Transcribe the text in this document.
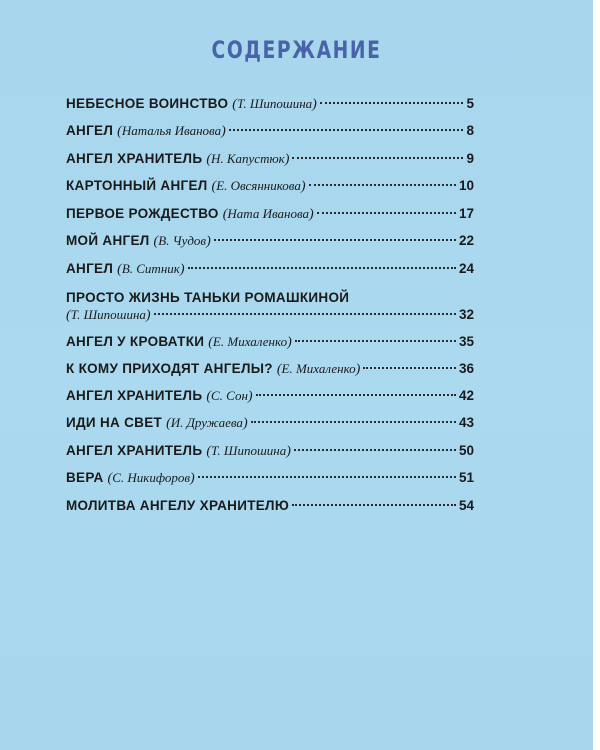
СОДЕРЖАНИЕ
НЕБЕСНОЕ ВОИНСТВО ( Т. Шипошина )	5
АНГЕЛ ( Наталья Иванова )	8
АНГЕЛ ХРАНИТЕЛЬ ( Н. Капустюк )	9
КАРТОННЫЙ АНГЕЛ ( Е. Овсянникова )	10
ПЕРВОЕ РОЖДЕСТВО ( Ната Иванова )	17
МОЙ АНГЕЛ ( В. Чудов )	22
АНГЕЛ ( В. Ситник )	24
ПРОСТО ЖИЗНЬ ТАНЬКИ РОМАШКИНОЙ
( Т. Шипошина )	32
АНГЕЛ У КРОВАТКИ ( Е. Михаленко )	35
К КОМУ ПРИХОДЯТ АНГЕЛЫ? ( Е. Михаленко )	36
АНГЕЛ ХРАНИТЕЛЬ ( С. Сон )	42
ИДИ НА СВЕТ ( И. Дружаева )	43
АНГЕЛ ХРАНИТЕЛЬ ( Т. Шипошина )	50
ВЕРА ( С. Никифоров )	51
МОЛИТВА АНГЕЛУ ХРАНИТЕЛЮ	54
